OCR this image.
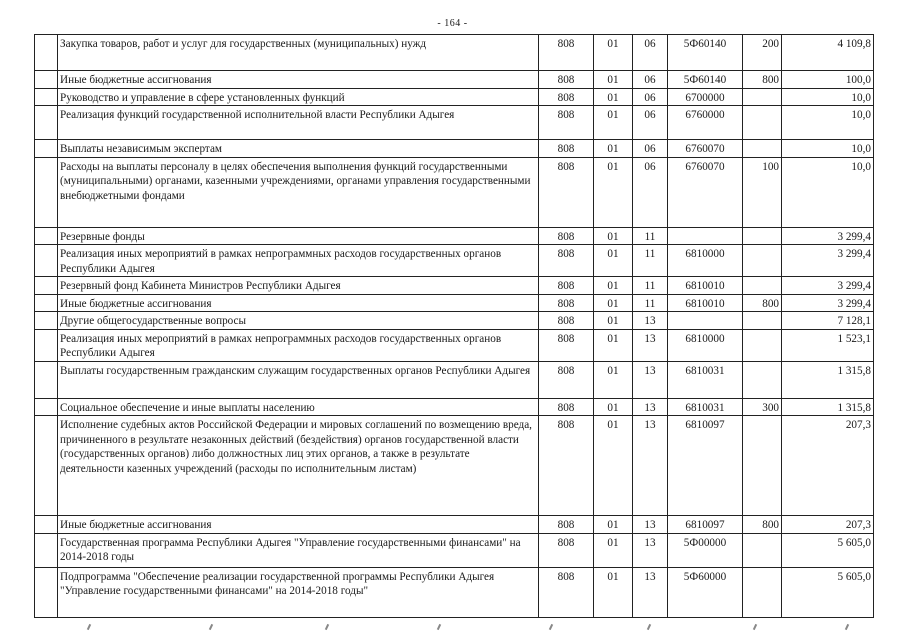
- 164 -
	Закупка товаров, работ и услуг для государственных (муниципальных) нужд	808	01	06	5Ф60140	200	4 109,8
	Иные бюджетные ассигнования	808	01	06	5Ф60140	800	100,0
	Руководство и управление в сфере установленных функций	808	01	06	6700000		10,0
	Реализация функций государственной исполнительной власти Республики Адыгея	808	01	06	6760000		10,0
	Выплаты независимым экспертам	808	01	06	6760070		10,0
	Расходы на выплаты персоналу в целях обеспечения выполнения функций государственными (муниципальными) органами, казенными учреждениями, органами управления государственными внебюджетными фондами	808	01	06	6760070	100	10,0
	Резервные фонды	808	01	11			3 299,4
	Реализация иных мероприятий в рамках непрограммных расходов государственных органов Республики Адыгея	808	01	11	6810000		3 299,4
	Резервный фонд Кабинета Министров Республики Адыгея	808	01	11	6810010		3 299,4
	Иные бюджетные ассигнования	808	01	11	6810010	800	3 299,4
	Другие общегосударственные вопросы	808	01	13			7 128,1
	Реализация иных мероприятий в рамках непрограммных расходов государственных органов Республики Адыгея	808	01	13	6810000		1 523,1
	Выплаты государственным гражданским служащим государственных органов Республики Адыгея	808	01	13	6810031		1 315,8
	Социальное обеспечение и иные выплаты населению	808	01	13	6810031	300	1 315,8
	Исполнение судебных актов Российской Федерации и мировых соглашений по возмещению вреда, причиненного в результате незаконных действий (бездействия) органов государственной власти (государственных органов) либо должностных лиц этих органов, а также в результате деятельности казенных учреждений (расходы по исполнительным листам)	808	01	13	6810097		207,3
	Иные бюджетные ассигнования	808	01	13	6810097	800	207,3
	Государственная программа Республики Адыгея "Управление государственными финансами" на 2014-2018 годы	808	01	13	5Ф00000		5 605,0
	Подпрограмма "Обеспечение реализации государственной программы Республики Адыгея "Управление государственными финансами" на 2014-2018 годы"	808	01	13	5Ф60000		5 605,0
